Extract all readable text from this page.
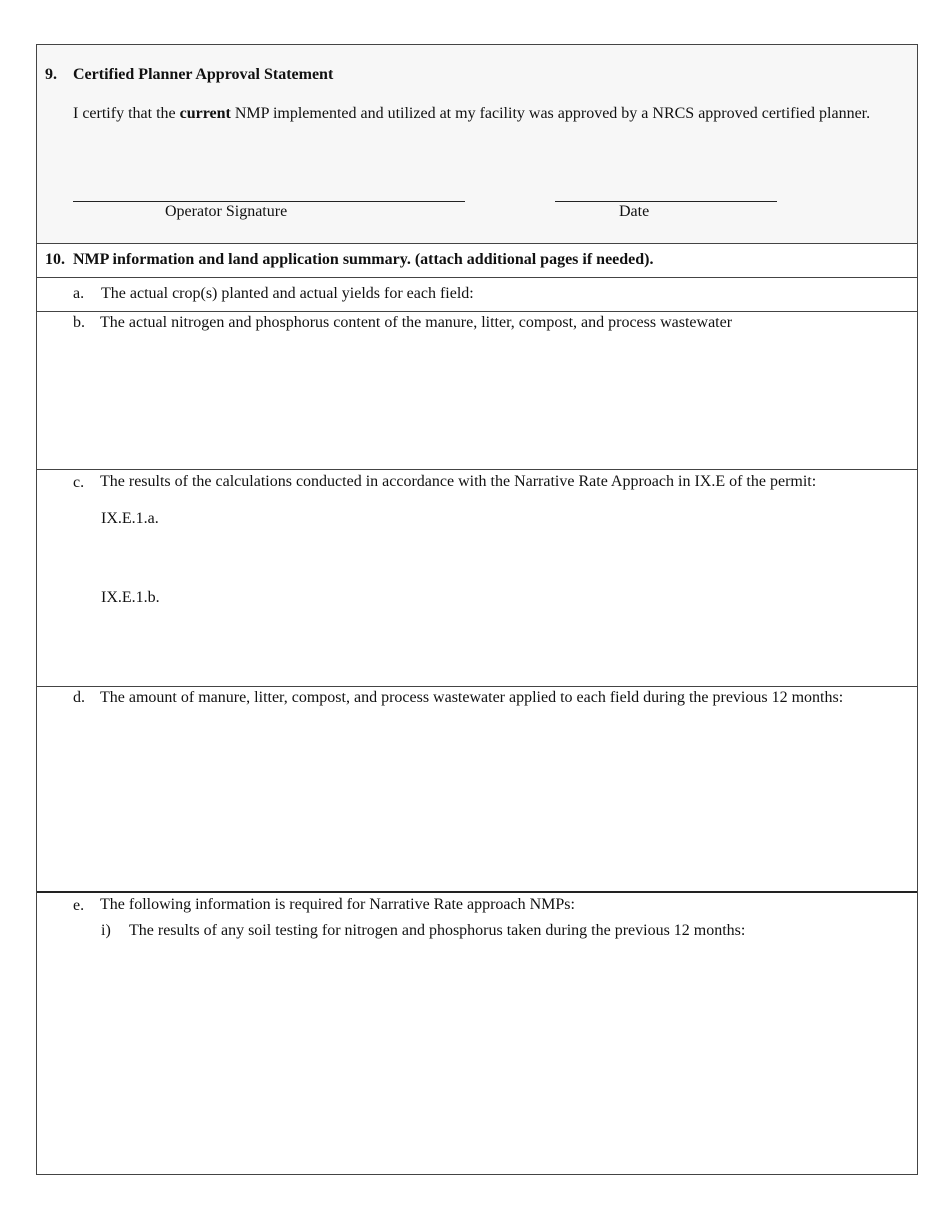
9. Certified Planner Approval Statement
I certify that the current NMP implemented and utilized at my facility was approved by a NRCS approved certified planner.
Operator Signature	Date
10. NMP information and land application summary. (attach additional pages if needed).
a. The actual crop(s) planted and actual yields for each field:
b. The actual nitrogen and phosphorus content of the manure, litter, compost, and process wastewater
c. The results of the calculations conducted in accordance with the Narrative Rate Approach in IX.E of the permit:
IX.E.1.a.
IX.E.1.b.
d. The amount of manure, litter, compost, and process wastewater applied to each field during the previous 12 months:
e. The following information is required for Narrative Rate approach NMPs:
i) The results of any soil testing for nitrogen and phosphorus taken during the previous 12 months:
